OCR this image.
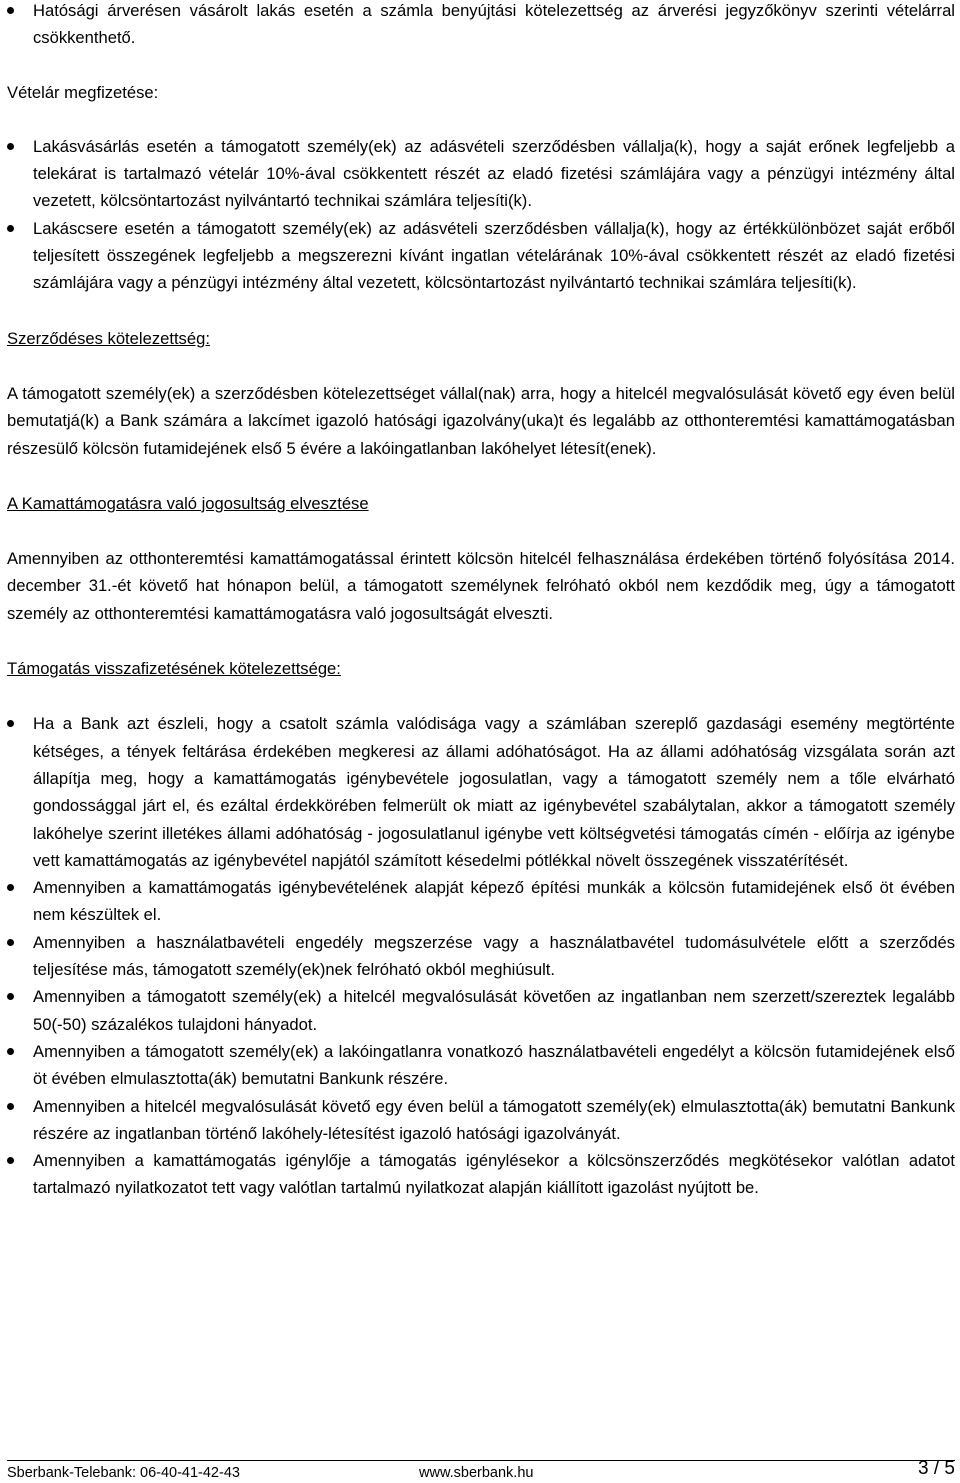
Hatósági árverésen vásárolt lakás esetén a számla benyújtási kötelezettség az árverési jegyzőkönyv szerinti vételárral csökkenthető.

Vételár megfizetése:

Lakásvásárlás esetén a támogatott személy(ek) az adásvételi szerződésben vállalja(k), hogy a saját erőnek legfeljebb a telekárat is tartalmazó vételár 10%-ával csökkentett részét az eladó fizetési számlájára vagy a pénzügyi intézmény által vezetett, kölcsöntartozást nyilvántartó technikai számlára teljesíti(k).
Lakáscsere esetén a támogatott személy(ek) az adásvételi szerződésben vállalja(k), hogy az értékkülönbözet saját erőből teljesített összegének legfeljebb a megszerezni kívánt ingatlan vételárának 10%-ával csökkentett részét az eladó fizetési számlájára vagy a pénzügyi intézmény által vezetett, kölcsöntartozást nyilvántartó technikai számlára teljesíti(k).

Szerződéses kötelezettség:

A támogatott személy(ek) a szerződésben kötelezettséget vállal(nak) arra, hogy a hitelcél megvalósulását követő egy éven belül bemutatjá(k) a Bank számára a lakcímet igazoló hatósági igazolvány(uka)t és legalább az otthonteremtési kamattámogatásban részesülő kölcsön futamidejének első 5 évére a lakóingatlanban lakóhelyet létesít(enek).

A Kamattámogatásra való jogosultság elvesztése

Amennyiben az otthonteremtési kamattámogatással érintett kölcsön hitelcél felhasználása érdekében történő folyósítása 2014. december 31.-ét követő hat hónapon belül, a támogatott személynek felróható okból nem kezdődik meg, úgy a támogatott személy az otthonteremtési kamattámogatásra való jogosultságát elveszti.

Támogatás visszafizetésének kötelezettsége:

Ha a Bank azt észleli, hogy a csatolt számla valódisága vagy a számlában szereplő gazdasági esemény megtörténte kétséges, a tények feltárása érdekében megkeresi az állami adóhatóságot. Ha az állami adóhatóság vizsgálata során azt állapítja meg, hogy a kamattámogatás igénybevétele jogosulatlan, vagy a támogatott személy nem a tőle elvárható gondossággal járt el, és ezáltal érdekkörében felmerült ok miatt az igénybevétel szabálytalan, akkor a támogatott személy lakóhelye szerint illetékes állami adóhatóság - jogosulatlanul igénybe vett költségvetési támogatás címén - előírja az igénybe vett kamattámogatás az igénybevétel napjától számított késedelmi pótlékkal növelt összegének visszatérítését.
Amennyiben a kamattámogatás igénybevételének alapját képező építési munkák a kölcsön futamidejének első öt évében nem készültek el.
Amennyiben a használatbavételi engedély megszerzése vagy a használatbavétel tudomásulvétele előtt a szerződés teljesítése más, támogatott személy(ek)nek felróható okból meghiúsult.
Amennyiben a támogatott személy(ek) a hitelcél megvalósulását követően az ingatlanban nem szerzett/szereztek legalább 50(-50) százalékos tulajdoni hányadot.
Amennyiben a támogatott személy(ek) a lakóingatlanra vonatkozó használatbavételi engedélyt a kölcsön futamidejének első öt évében elmulasztotta(ák) bemutatni Bankunk részére.
Amennyiben a hitelcél megvalósulását követő egy éven belül a támogatott személy(ek) elmulasztotta(ák) bemutatni Bankunk részére az ingatlanban történő lakóhely-létesítést igazoló hatósági igazolványát.
Amennyiben a kamattámogatás igénylője a támogatás igénylésekor a kölcsönszerződés megkötésekor valótlan adatot tartalmazó nyilatkozatot tett vagy valótlan tartalmú nyilatkozat alapján kiállított igazolást nyújtott be.
Sberbank-Telebank: 06-40-41-42-43	www.sberbank.hu	3 / 5
